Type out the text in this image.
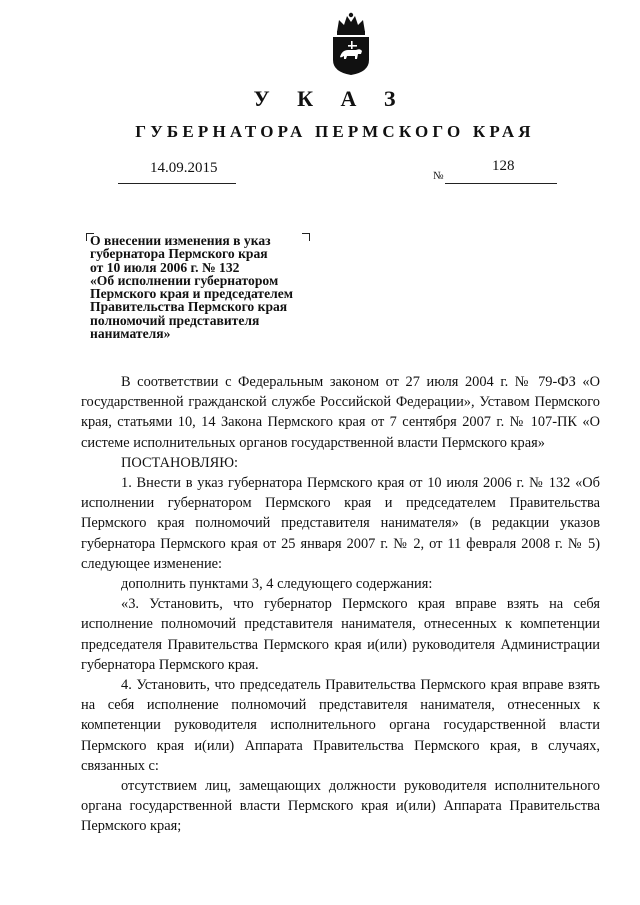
У К А З
ГУБЕРНАТОРА ПЕРМСКОГО КРАЯ
14.09.2015	№
128
О внесении изменения в указ
губернатора Пермского края
от 10 июля 2006 г. № 132
«Об исполнении губернатором
Пермского края и председателем
Правительства Пермского края
полномочий представителя
нанимателя»

В соответствии с Федеральным законом от 27 июля 2004 г. № 79-ФЗ «О государственной гражданской службе Российской Федерации», Уставом Пермского края, статьями 10, 14 Закона Пермского края от 7 сентября 2007 г. № 107-ПК «О системе исполнительных органов государственной власти Пермского края»

ПОСТАНОВЛЯЮ:

1. Внести в указ губернатора Пермского края от 10 июля 2006 г. № 132 «Об исполнении губернатором Пермского края и председателем Правительства Пермского края полномочий представителя нанимателя» (в редакции указов губернатора Пермского края от 25 января 2007 г. № 2, от 11 февраля 2008 г. № 5) следующее изменение:

дополнить пунктами 3, 4 следующего содержания:

«3. Установить, что губернатор Пермского края вправе взять на себя исполнение полномочий представителя нанимателя, отнесенных к компетенции председателя Правительства Пермского края и(или) руководителя Администрации губернатора Пермского края.

4. Установить, что председатель Правительства Пермского края вправе взять на себя исполнение полномочий представителя нанимателя, отнесенных к компетенции руководителя исполнительного органа государственной власти Пермского края и(или) Аппарата Правительства Пермского края, в случаях, связанных с:

отсутствием лиц, замещающих должности руководителя исполнительного органа государственной власти Пермского края и(или) Аппарата Правительства Пермского края;
